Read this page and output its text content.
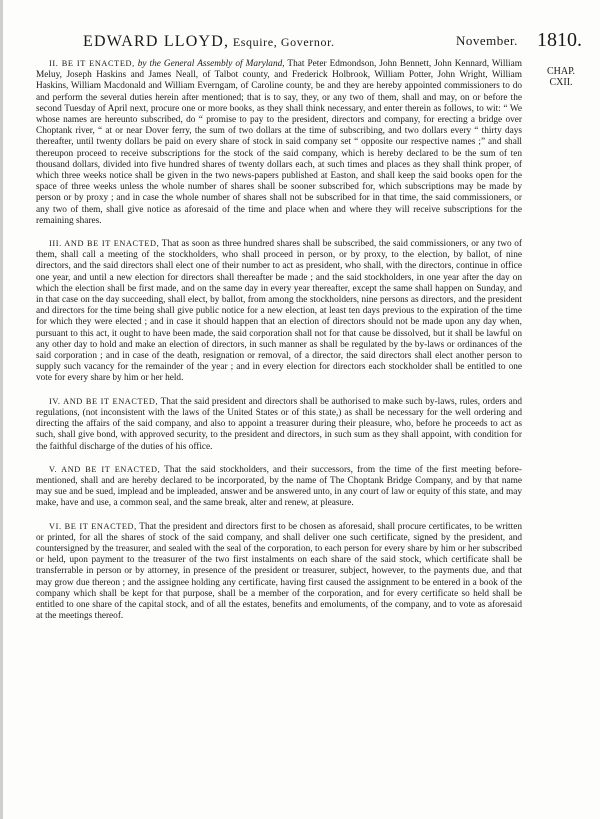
EDWARD LLOYD, Esquire, Governor.	November. 1810.
CHAP.
CXII.

II. BE IT ENACTED, by the General Assembly of Maryland, That Peter Edmondson, John Bennett, John Kennard, William Meluy, Joseph Haskins and James Neall, of Talbot county, and Frederick Holbrook, William Potter, John Wright, William Haskins, William Macdonald and William Everngam, of Caroline county, be and they are hereby appointed commissioners to do and perform the several duties herein after mentioned; that is to say, they, or any two of them, shall and may, on or before the second Tuesday of April next, procure one or more books, as they shall think necessary, and enter therein as follows, to wit: “ We whose names are hereunto subscribed, do “ promise to pay to the president, directors and company, for erecting a bridge over Choptank river, “ at or near Dover ferry, the sum of two dollars at the time of subscribing, and two dollars every “ thirty days thereafter, until twenty dollars be paid on every share of stock in said company set “ opposite our respective names ;” and shall thereupon proceed to receive subscriptions for the stock of the said company, which is hereby declared to be the sum of ten thousand dollars, divided into five hundred shares of twenty dollars each, at such times and places as they shall think proper, of which three weeks notice shall be given in the two news-papers published at Easton, and shall keep the said books open for the space of three weeks unless the whole number of shares shall be sooner subscribed for, which subscriptions may be made by person or by proxy ; and in case the whole number of shares shall not be subscribed for in that time, the said commissioners, or any two of them, shall give notice as aforesaid of the time and place when and where they will receive subscriptions for the remaining shares.

III. AND BE IT ENACTED, That as soon as three hundred shares shall be subscribed, the said commissioners, or any two of them, shall call a meeting of the stockholders, who shall proceed in person, or by proxy, to the election, by ballot, of nine directors, and the said directors shall elect one of their number to act as president, who shall, with the directors, continue in office one year, and until a new election for directors shall thereafter be made ; and the said stockholders, in one year after the day on which the election shall be first made, and on the same day in every year thereafter, except the same shall happen on Sunday, and in that case on the day succeeding, shall elect, by ballot, from among the stockholders, nine persons as directors, and the president and directors for the time being shall give public notice for a new election, at least ten days previous to the expiration of the time for which they were elected ; and in case it should happen that an election of directors should not be made upon any day when, pursuant to this act, it ought to have been made, the said corporation shall not for that cause be dissolved, but it shall be lawful on any other day to hold and make an election of directors, in such manner as shall be regulated by the by-laws or ordinances of the said corporation ; and in case of the death, resignation or removal, of a director, the said directors shall elect another person to supply such vacancy for the remainder of the year ; and in every election for directors each stockholder shall be entitled to one vote for every share by him or her held.

IV. AND BE IT ENACTED, That the said president and directors shall be authorised to make such by-laws, rules, orders and regulations, (not inconsistent with the laws of the United States or of this state,) as shall be necessary for the well ordering and directing the affairs of the said company, and also to appoint a treasurer during their pleasure, who, before he proceeds to act as such, shall give bond, with approved security, to the president and directors, in such sum as they shall appoint, with condition for the faithful discharge of the duties of his office.

V. AND BE IT ENACTED, That the said stockholders, and their successors, from the time of the first meeting before-mentioned, shall and are hereby declared to be incorporated, by the name of The Choptank Bridge Company, and by that name may sue and be sued, implead and be impleaded, answer and be answered unto, in any court of law or equity of this state, and may make, have and use, a common seal, and the same break, alter and renew, at pleasure.

VI. BE IT ENACTED, That the president and directors first to be chosen as aforesaid, shall procure certificates, to be written or printed, for all the shares of stock of the said company, and shall deliver one such certificate, signed by the president, and countersigned by the treasurer, and sealed with the seal of the corporation, to each person for every share by him or her subscribed or held, upon payment to the treasurer of the two first instalments on each share of the said stock, which certificate shall be transferrable in person or by attorney, in presence of the president or treasurer, subject, however, to the payments due, and that may grow due thereon ; and the assignee holding any certificate, having first caused the assignment to be entered in a book of the company which shall be kept for that purpose, shall be a member of the corporation, and for every certificate so held shall be entitled to one share of the capital stock, and of all the estates, benefits and emoluments, of the company, and to vote as aforesaid at the meetings thereof.
